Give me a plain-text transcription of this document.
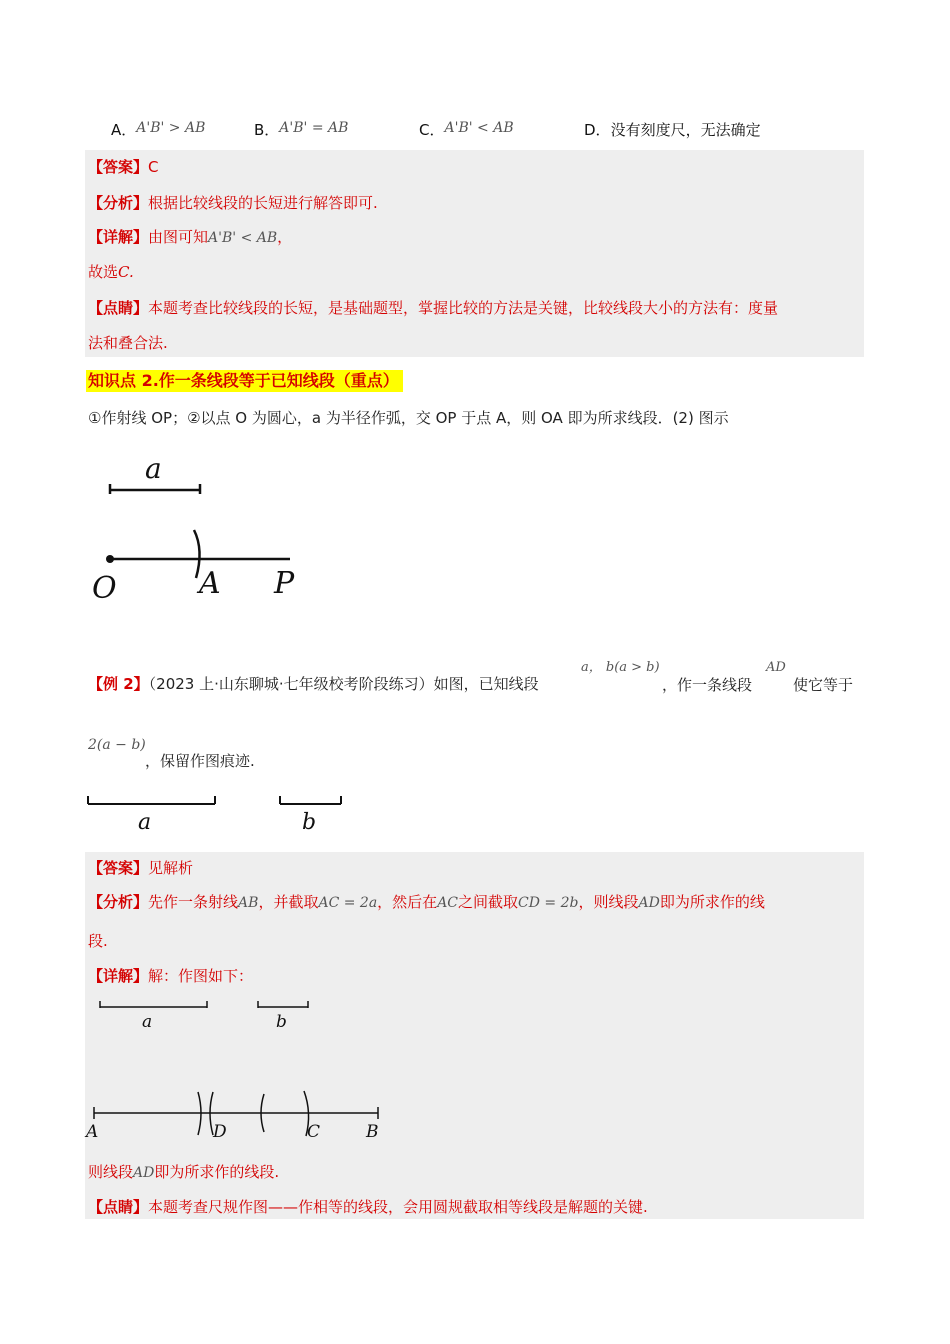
A．A'B' > AB	B．A'B' = AB	C．A'B' < AB	D．没有刻度尺，无法确定
【答案】C
【分析】根据比较线段的长短进行解答即可.
【详解】由图可知A'B' < AB，
故选C.
【点睛】本题考查比较线段的长短，是基础题型，掌握比较的方法是关键，比较线段大小的方法有：度量
法和叠合法.
知识点 2.作一条线段等于已知线段（重点）
①作射线 OP；②以点 O 为圆心，a 为半径作弧，交 OP 于点 A，则 OA 即为所求线段．(2) 图示
a
O	A P
【例 2】（2023 上·山东聊城·七年级校考阶段练习）如图，已知线段
a， b(a > b)
，作一条线段
AD
使它等于
2(a − b)
，保留作图痕迹.
a	b
【答案】见解析
【分析】先作一条射线AB，并截取AC = 2a，然后在AC之间截取CD = 2b，则线段AD即为所求作的线
段.
【详解】解：作图如下：
a	b
A	D	C	B
则线段AD即为所求作的线段.
【点睛】本题考查尺规作图——作相等的线段，会用圆规截取相等线段是解题的关键.
